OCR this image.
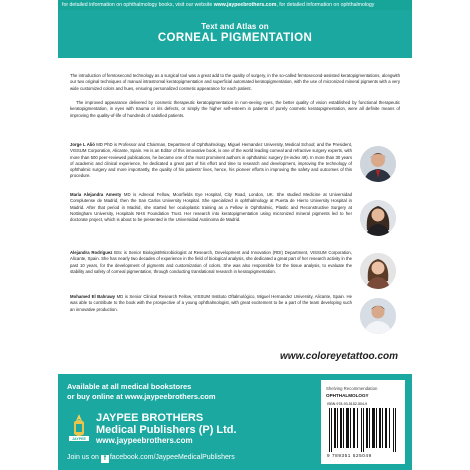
for detailed information on ophthalmology books, visit our website www.jaypeebrothers.com, for detailed information on ophthalmology
Text and Atlas on
CORNEAL PIGMENTATION
The introduction of femtosecond technology as a surgical tool was a great add to the quality of surgery, in the so-called femtosecond-assisted keratopigmentations, alongwith our two original techniques of manual intrastromal keratopigmentation and superficial automated keratopigmentation, with the use of micronized mineral pigments with a very wide customized colors and hues, ensuring personalized cosmetic appearance for each patient.

The improved appearance delivered by cosmetic therapeutic keratopigmentation in non-seeing eyes, the better quality of vision established by functional therapeutic keratopigmentation, in eyes with trauma or iris defects, or simply the higher self-esteem in patients of purely cosmetic keratopigmentation, were all definite means of improving the quality-of-life of hundreds of satisfied patients.

Jorge L Alió MD PhD is Professor and Chairman, Department of Ophthalmology, Miguel Hernandez University, Medical School; and the President, VISSUM Corporation, Alicante, Spain. He is an Editor of this innovative book, is one of the world leading corneal and refractive surgery experts, with more than 500 peer-reviewed publications, he became one of the most prominent authors in ophthalmic surgery (H-index 49). In more than 30 years of academic and clinical experience, he dedicated a great part of his effort and time to research and development, improving the technology of ophthalmic surgery and more importantly, the quality of his patients' lives, hence, his pioneer efforts in improving the safety and outcomes of this procedure.
María Alejandra Amesty MD is Adnexal Fellow, Moorfields Eye Hospital, City Road, London, UK. She studied Medicine at Universidad Complutense de Madrid, then the San Carlos University Hospital. She specialized in ophthalmology at Puerta de Hierro University Hospital in Madrid. After that period in Madrid, she started her oculoplastic training as a Fellow in Ophthalmic, Plastic and Reconstructive Surgery at Nottingham University, Hospitals NHS Foundation Trust. Her research into keratopigmentation using micronized mineral pigments led to her doctorate project, which is about to be presented in the Universidad Autónoma de Madrid.
Alejandra Rodríguez BSc is Senior Biologist/Microbiologist at Research, Development and Innovation (RDI) Department, VISSUM Corporation, Alicante, Spain. She has nearly two decades of experience in the field of biological analysis, she dedicated a great part of her research activity in the past 10 years, for the development of pigments and customization of colors. She was also responsible for the tissue analysis, to evaluate the stability and safety of corneal pigmentation, through conducting translational research in keratopigmentation.
Mohamed El Bahrawy MD is Senior Clinical Research Fellow, VISSUM Instituto Oftalmológico, Miguel Hernandez University, Alicante, Spain. He was able to contribute to the book with the prospective of a young ophthalmologist, with great excitement to be a part of the team developing such an innovative production.
www.coloreyetattoo.com
Available at all medical bookstores
or buy online at www.jaypeebrothers.com
JAYPEE
JAYPEE BROTHERS
Medical Publishers (P) Ltd.
www.jaypeebrothers.com
Join us on f facebook.com/JaypeeMedicalPublishers
Shelving Recommendation
OPHTHALMOLOGY
ISBN 978-93-5152-504-9
9 789351 525049
